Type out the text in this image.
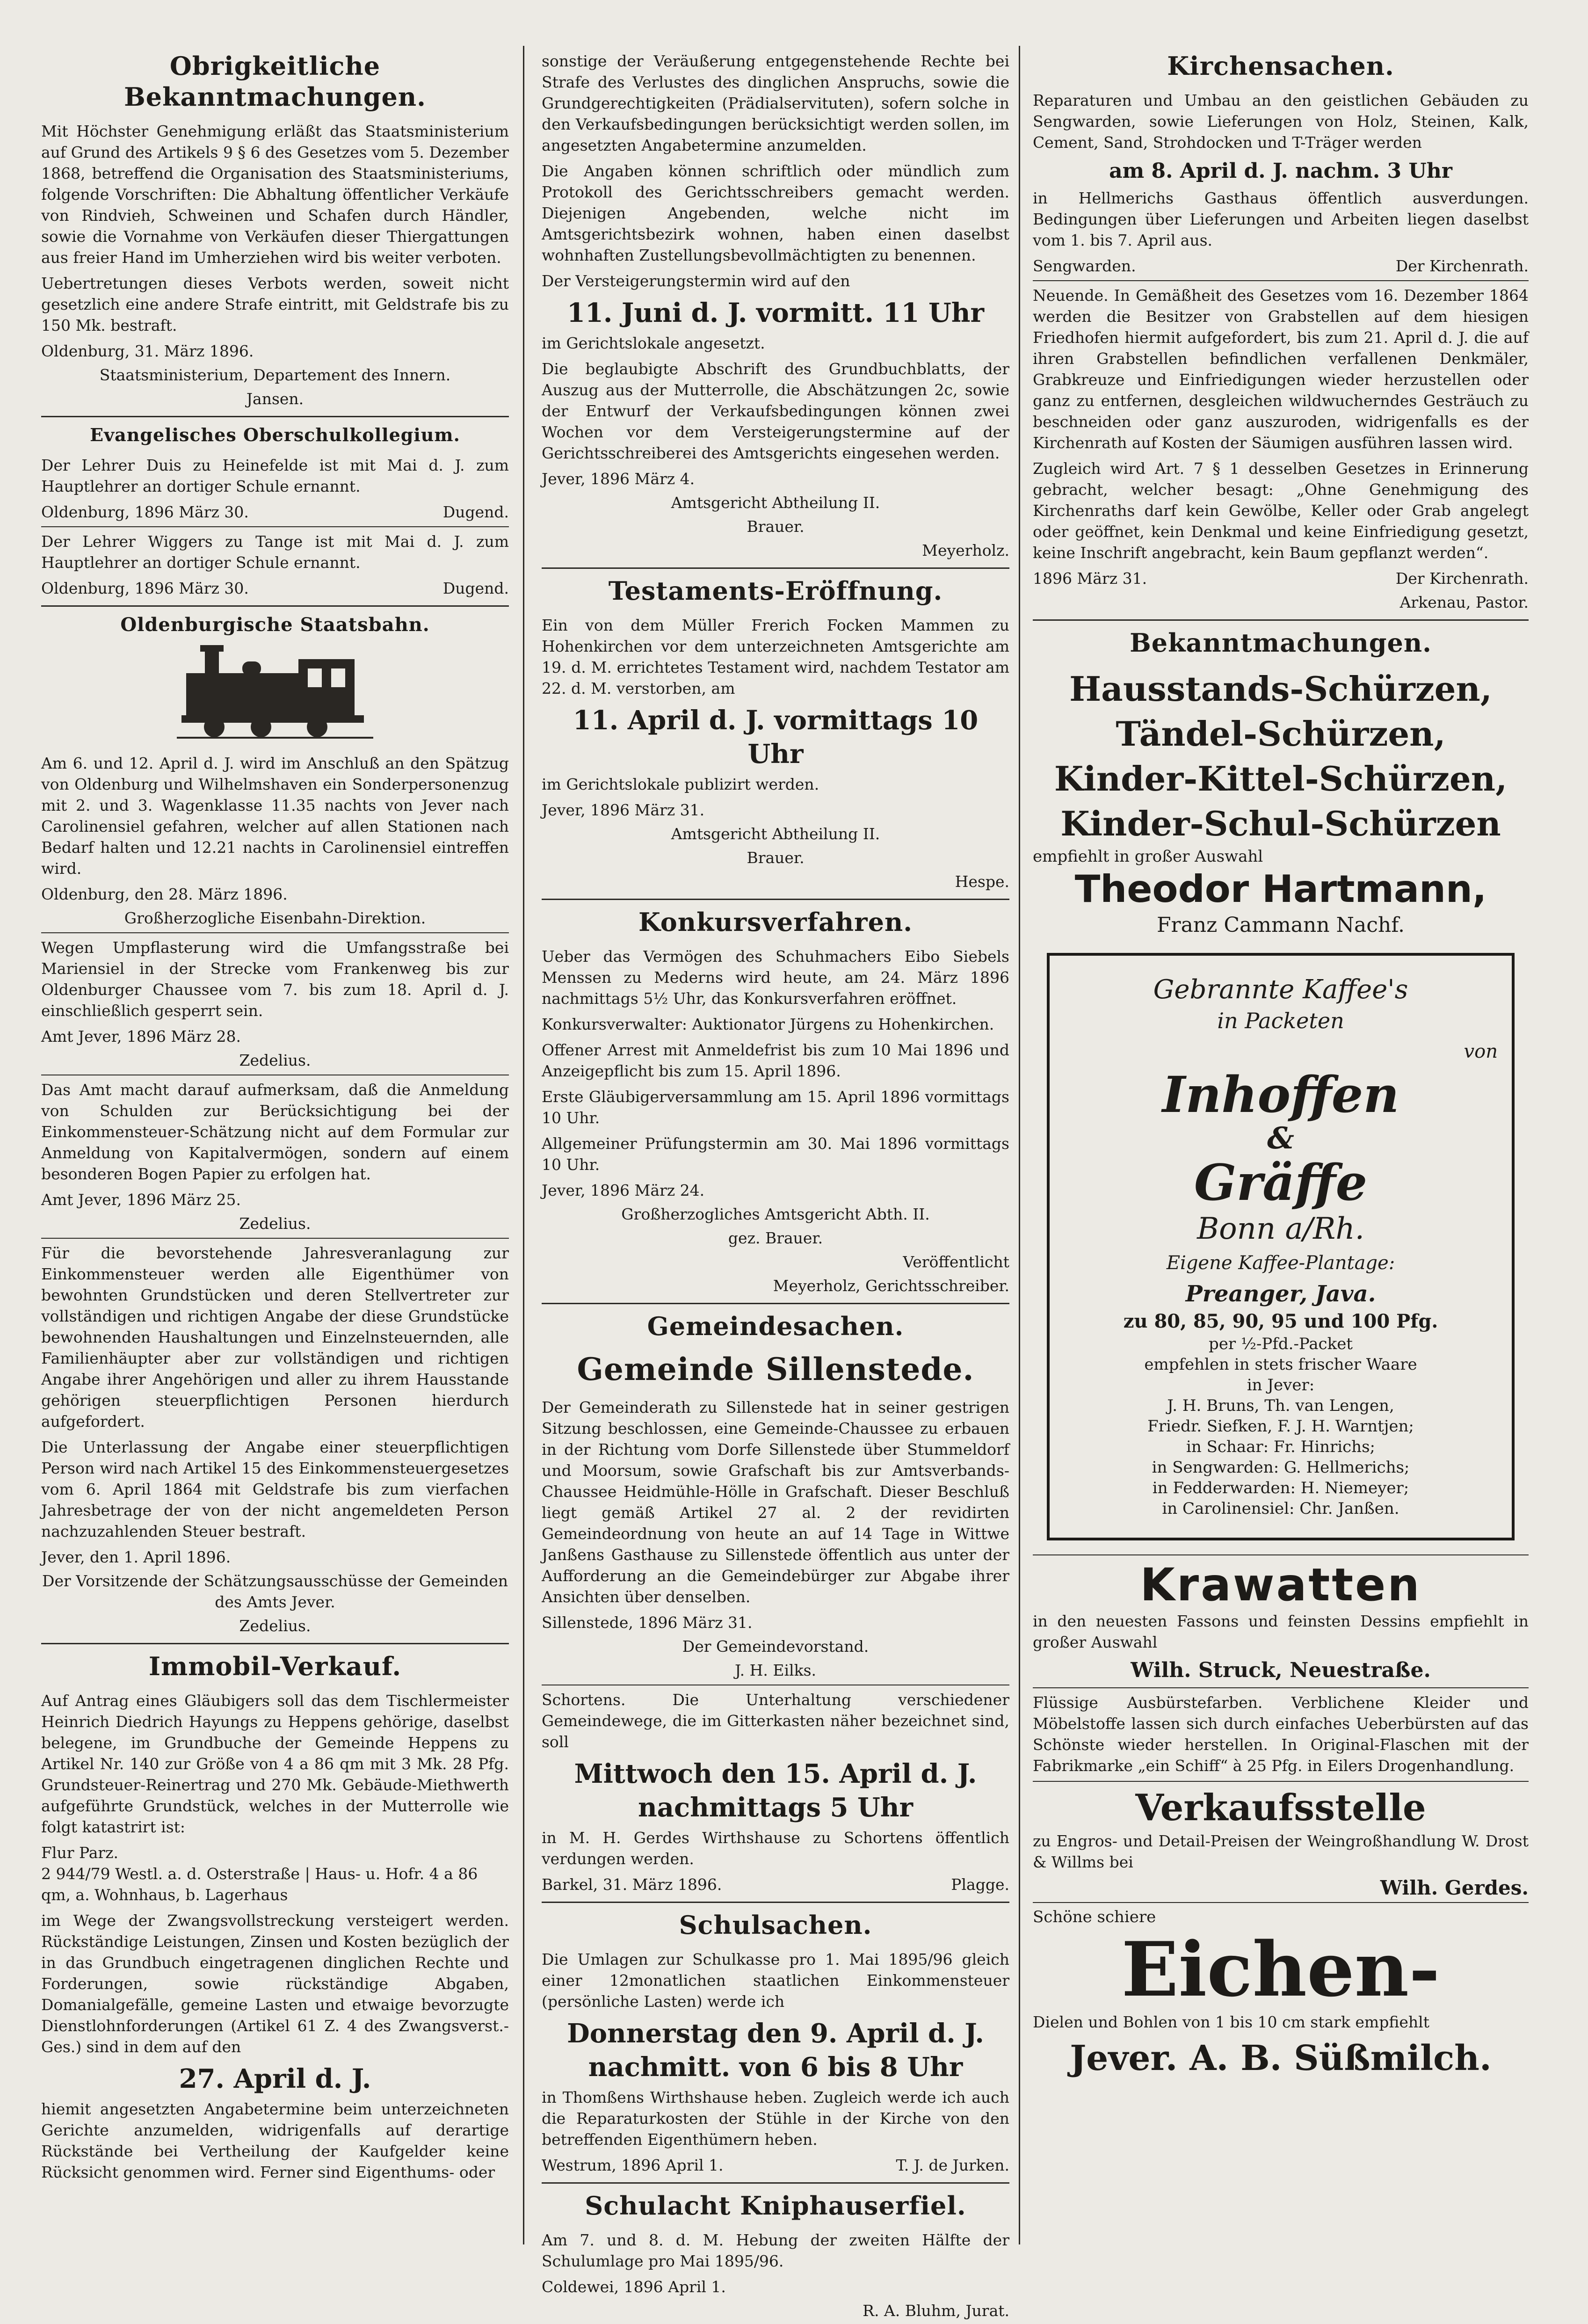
Obrigkeitliche Bekanntmachungen.

Mit Höchster Genehmigung erläßt das Staatsministerium auf Grund des Artikels 9 § 6 des Gesetzes vom 5. Dezember 1868, betreffend die Organisation des Staatsministeriums, folgende Vorschriften: Die Abhaltung öffentlicher Verkäufe von Rindvieh, Schweinen und Schafen durch Händler, sowie die Vornahme von Verkäufen dieser Thiergattungen aus freier Hand im Umherziehen wird bis weiter verboten.

Uebertretungen dieses Verbots werden, soweit nicht gesetzlich eine andere Strafe eintritt, mit Geldstrafe bis zu 150 Mk. bestraft.

Oldenburg, 31. März 1896.
Staatsministerium, Departement des Innern.
Jansen.
Evangelisches Oberschulkollegium.

Der Lehrer Duis zu Heinefelde ist mit Mai d. J. zum Hauptlehrer an dortiger Schule ernannt.

Oldenburg, 1896 März 30.	Dugend.

Der Lehrer Wiggers zu Tange ist mit Mai d. J. zum Hauptlehrer an dortiger Schule ernannt.

Oldenburg, 1896 März 30.	Dugend.
Oldenburgische Staatsbahn.

Am 6. und 12. April d. J. wird im Anschluß an den Spätzug von Oldenburg und Wilhelmshaven ein Sonderpersonenzug mit 2. und 3. Wagenklasse 11.35 nachts von Jever nach Carolinensiel gefahren, welcher auf allen Stationen nach Bedarf halten und 12.21 nachts in Carolinensiel eintreffen wird.

Oldenburg, den 28. März 1896.
Großherzogliche Eisenbahn-Direktion.

Wegen Umpflasterung wird die Umfangsstraße bei Mariensiel in der Strecke vom Frankenweg bis zur Oldenburger Chaussee vom 7. bis zum 18. April d. J. einschließlich gesperrt sein.

Amt Jever, 1896 März 28.
Zedelius.

Das Amt macht darauf aufmerksam, daß die Anmeldung von Schulden zur Berücksichtigung bei der Einkommensteuer-Schätzung nicht auf dem Formular zur Anmeldung von Kapitalvermögen, sondern auf einem besonderen Bogen Papier zu erfolgen hat.

Amt Jever, 1896 März 25.
Zedelius.

Für die bevorstehende Jahresveranlagung zur Einkommensteuer werden alle Eigenthümer von bewohnten Grundstücken und deren Stellvertreter zur vollständigen und richtigen Angabe der diese Grundstücke bewohnenden Haushaltungen und Einzelnsteuernden, alle Familienhäupter aber zur vollständigen und richtigen Angabe ihrer Angehörigen und aller zu ihrem Hausstande gehörigen steuerpflichtigen Personen hierdurch aufgefordert.

Die Unterlassung der Angabe einer steuerpflichtigen Person wird nach Artikel 15 des Einkommensteuergesetzes vom 6. April 1864 mit Geldstrafe bis zum vierfachen Jahresbetrage der von der nicht angemeldeten Person nachzuzahlenden Steuer bestraft.

Jever, den 1. April 1896.
Der Vorsitzende der Schätzungsausschüsse der Gemeinden des Amts Jever.
Zedelius.
Immobil-Verkauf.

Auf Antrag eines Gläubigers soll das dem Tischlermeister Heinrich Diedrich Hayungs zu Heppens gehörige, daselbst belegene, im Grundbuche der Gemeinde Heppens zu Artikel Nr. 140 zur Größe von 4 a 86 qm mit 3 Mk. 28 Pfg. Grundsteuer-Reinertrag und 270 Mk. Gebäude-Miethwerth aufgeführte Grundstück, welches in der Mutterrolle wie folgt katastrirt ist:

Flur Parz.
2 944/79 Westl. a. d. Osterstraße | Haus- u. Hofr. 4 a 86 qm, a. Wohnhaus, b. Lagerhaus

im Wege der Zwangsvollstreckung versteigert werden. Rückständige Leistungen, Zinsen und Kosten bezüglich der in das Grundbuch eingetragenen dinglichen Rechte und Forderungen, sowie rückständige Abgaben, Domanialgefälle, gemeine Lasten und etwaige bevorzugte Dienstlohnforderungen (Artikel 61 Z. 4 des Zwangsverst.-Ges.) sind in dem auf den

27. April d. J.

hiemit angesetzten Angabetermine beim unterzeichneten Gerichte anzumelden, widrigenfalls auf derartige Rückstände bei Vertheilung der Kaufgelder keine Rücksicht genommen wird. Ferner sind Eigenthums- oder

sonstige der Veräußerung entgegenstehende Rechte bei Strafe des Verlustes des dinglichen Anspruchs, sowie die Grundgerechtigkeiten (Prädialservituten), sofern solche in den Verkaufsbedingungen berücksichtigt werden sollen, im angesetzten Angabetermine anzumelden.

Die Angaben können schriftlich oder mündlich zum Protokoll des Gerichtsschreibers gemacht werden. Diejenigen Angebenden, welche nicht im Amtsgerichtsbezirk wohnen, haben einen daselbst wohnhaften Zustellungsbevollmächtigten zu benennen.

Der Versteigerungstermin wird auf den

11. Juni d. J. vormitt. 11 Uhr

im Gerichtslokale angesetzt.

Die beglaubigte Abschrift des Grundbuchblatts, der Auszug aus der Mutterrolle, die Abschätzungen 2c, sowie der Entwurf der Verkaufsbedingungen können zwei Wochen vor dem Versteigerungstermine auf der Gerichtsschreiberei des Amtsgerichts eingesehen werden.

Jever, 1896 März 4.
Amtsgericht Abtheilung II.
Brauer.
Meyerholz.
Testaments-Eröffnung.

Ein von dem Müller Frerich Focken Mammen zu Hohenkirchen vor dem unterzeichneten Amtsgerichte am 19. d. M. errichtetes Testament wird, nachdem Testator am 22. d. M. verstorben, am

11. April d. J. vormittags 10 Uhr

im Gerichtslokale publizirt werden.

Jever, 1896 März 31.
Amtsgericht Abtheilung II.
Brauer.
Hespe.
Konkursverfahren.

Ueber das Vermögen des Schuhmachers Eibo Siebels Menssen zu Mederns wird heute, am 24. März 1896 nachmittags 5½ Uhr, das Konkursverfahren eröffnet.

Konkursverwalter: Auktionator Jürgens zu Hohenkirchen.

Offener Arrest mit Anmeldefrist bis zum 10 Mai 1896 und Anzeigepflicht bis zum 15. April 1896.

Erste Gläubigerversammlung am 15. April 1896 vormittags 10 Uhr.

Allgemeiner Prüfungstermin am 30. Mai 1896 vormittags 10 Uhr.

Jever, 1896 März 24.
Großherzogliches Amtsgericht Abth. II.
gez. Brauer.
Veröffentlicht
Meyerholz, Gerichtsschreiber.
Gemeindesachen.
Gemeinde Sillenstede.

Der Gemeinderath zu Sillenstede hat in seiner gestrigen Sitzung beschlossen, eine Gemeinde-Chaussee zu erbauen in der Richtung vom Dorfe Sillenstede über Stummeldorf und Moorsum, sowie Grafschaft bis zur Amtsverbands-Chaussee Heidmühle-Hölle in Grafschaft. Dieser Beschluß liegt gemäß Artikel 27 al. 2 der revidirten Gemeindeordnung von heute an auf 14 Tage in Wittwe Janßens Gasthause zu Sillenstede öffentlich aus unter der Aufforderung an die Gemeindebürger zur Abgabe ihrer Ansichten über denselben.

Sillenstede, 1896 März 31.
Der Gemeindevorstand.
J. H. Eilks.

Schortens. Die Unterhaltung verschiedener Gemeindewege, die im Gitterkasten näher bezeichnet sind, soll

Mittwoch den 15. April d. J. nachmittags 5 Uhr

in M. H. Gerdes Wirthshause zu Schortens öffentlich verdungen werden.

Barkel, 31. März 1896.	Plagge.
Schulsachen.

Die Umlagen zur Schulkasse pro 1. Mai 1895/96 gleich einer 12monatlichen staatlichen Einkommensteuer (persönliche Lasten) werde ich

Donnerstag den 9. April d. J. nachmitt. von 6 bis 8 Uhr

in Thomßens Wirthshause heben. Zugleich werde ich auch die Reparaturkosten der Stühle in der Kirche von den betreffenden Eigenthümern heben.

Westrum, 1896 April 1.	T. J. de Jurken.
Schulacht Kniphauserfiel.

Am 7. und 8. d. M. Hebung der zweiten Hälfte der Schulumlage pro Mai 1895/96.

Coldewei, 1896 April 1.
R. A. Bluhm, Jurat.
Kirchensachen.

Reparaturen und Umbau an den geistlichen Gebäuden zu Sengwarden, sowie Lieferungen von Holz, Steinen, Kalk, Cement, Sand, Strohdocken und T-Träger werden

am 8. April d. J. nachm. 3 Uhr

in Hellmerichs Gasthaus öffentlich ausverdungen. Bedingungen über Lieferungen und Arbeiten liegen daselbst vom 1. bis 7. April aus.

Sengwarden.	Der Kirchenrath.

Neuende. In Gemäßheit des Gesetzes vom 16. Dezember 1864 werden die Besitzer von Grabstellen auf dem hiesigen Friedhofen hiermit aufgefordert, bis zum 21. April d. J. die auf ihren Grabstellen befindlichen verfallenen Denkmäler, Grabkreuze und Einfriedigungen wieder herzustellen oder ganz zu entfernen, desgleichen wildwucherndes Gesträuch zu beschneiden oder ganz auszuroden, widrigenfalls es der Kirchenrath auf Kosten der Säumigen ausführen lassen wird.

Zugleich wird Art. 7 § 1 desselben Gesetzes in Erinnerung gebracht, welcher besagt: „Ohne Genehmigung des Kirchenraths darf kein Gewölbe, Keller oder Grab angelegt oder geöffnet, kein Denkmal und keine Einfriedigung gesetzt, keine Inschrift angebracht, kein Baum gepflanzt werden“.

1896 März 31.	Der Kirchenrath.
Arkenau, Pastor.
Bekanntmachungen.
Hausstands-Schürzen,
Tändel-Schürzen,
Kinder-Kittel-Schürzen,
Kinder-Schul-Schürzen
empfiehlt in großer Auswahl
Theodor Hartmann,
Franz Cammann Nachf.
Gebrannte Kaffee's
in Packeten
von
Inhoffen
&
Gräffe
Bonn a/Rh.
Eigene Kaffee-Plantage:
Preanger, Java.
zu 80, 85, 90, 95 und 100 Pfg.
per ½-Pfd.-Packet
empfehlen in stets frischer Waare
in Jever:
J. H. Bruns, Th. van Lengen,
Friedr. Siefken, F. J. H. Warntjen;
in Schaar: Fr. Hinrichs;
in Sengwarden: G. Hellmerichs;
in Fedderwarden: H. Niemeyer;
in Carolinensiel: Chr. Janßen.
Krawatten

in den neuesten Fassons und feinsten Dessins empfiehlt in großer Auswahl

Wilh. Struck, Neuestraße.

Flüssige Ausbürstefarben. Verblichene Kleider und Möbelstoffe lassen sich durch einfaches Ueberbürsten auf das Schönste wieder herstellen. In Original-Flaschen mit der Fabrikmarke „ein Schiff“ à 25 Pfg. in Eilers Drogenhandlung.

Verkaufsstelle

zu Engros- und Detail-Preisen der Weingroßhandlung W. Drost & Willms bei

Wilh. Gerdes.
Schöne schiere
Eichen-

Dielen und Bohlen von 1 bis 10 cm stark empfiehlt

Jever. A. B. Süßmilch.
